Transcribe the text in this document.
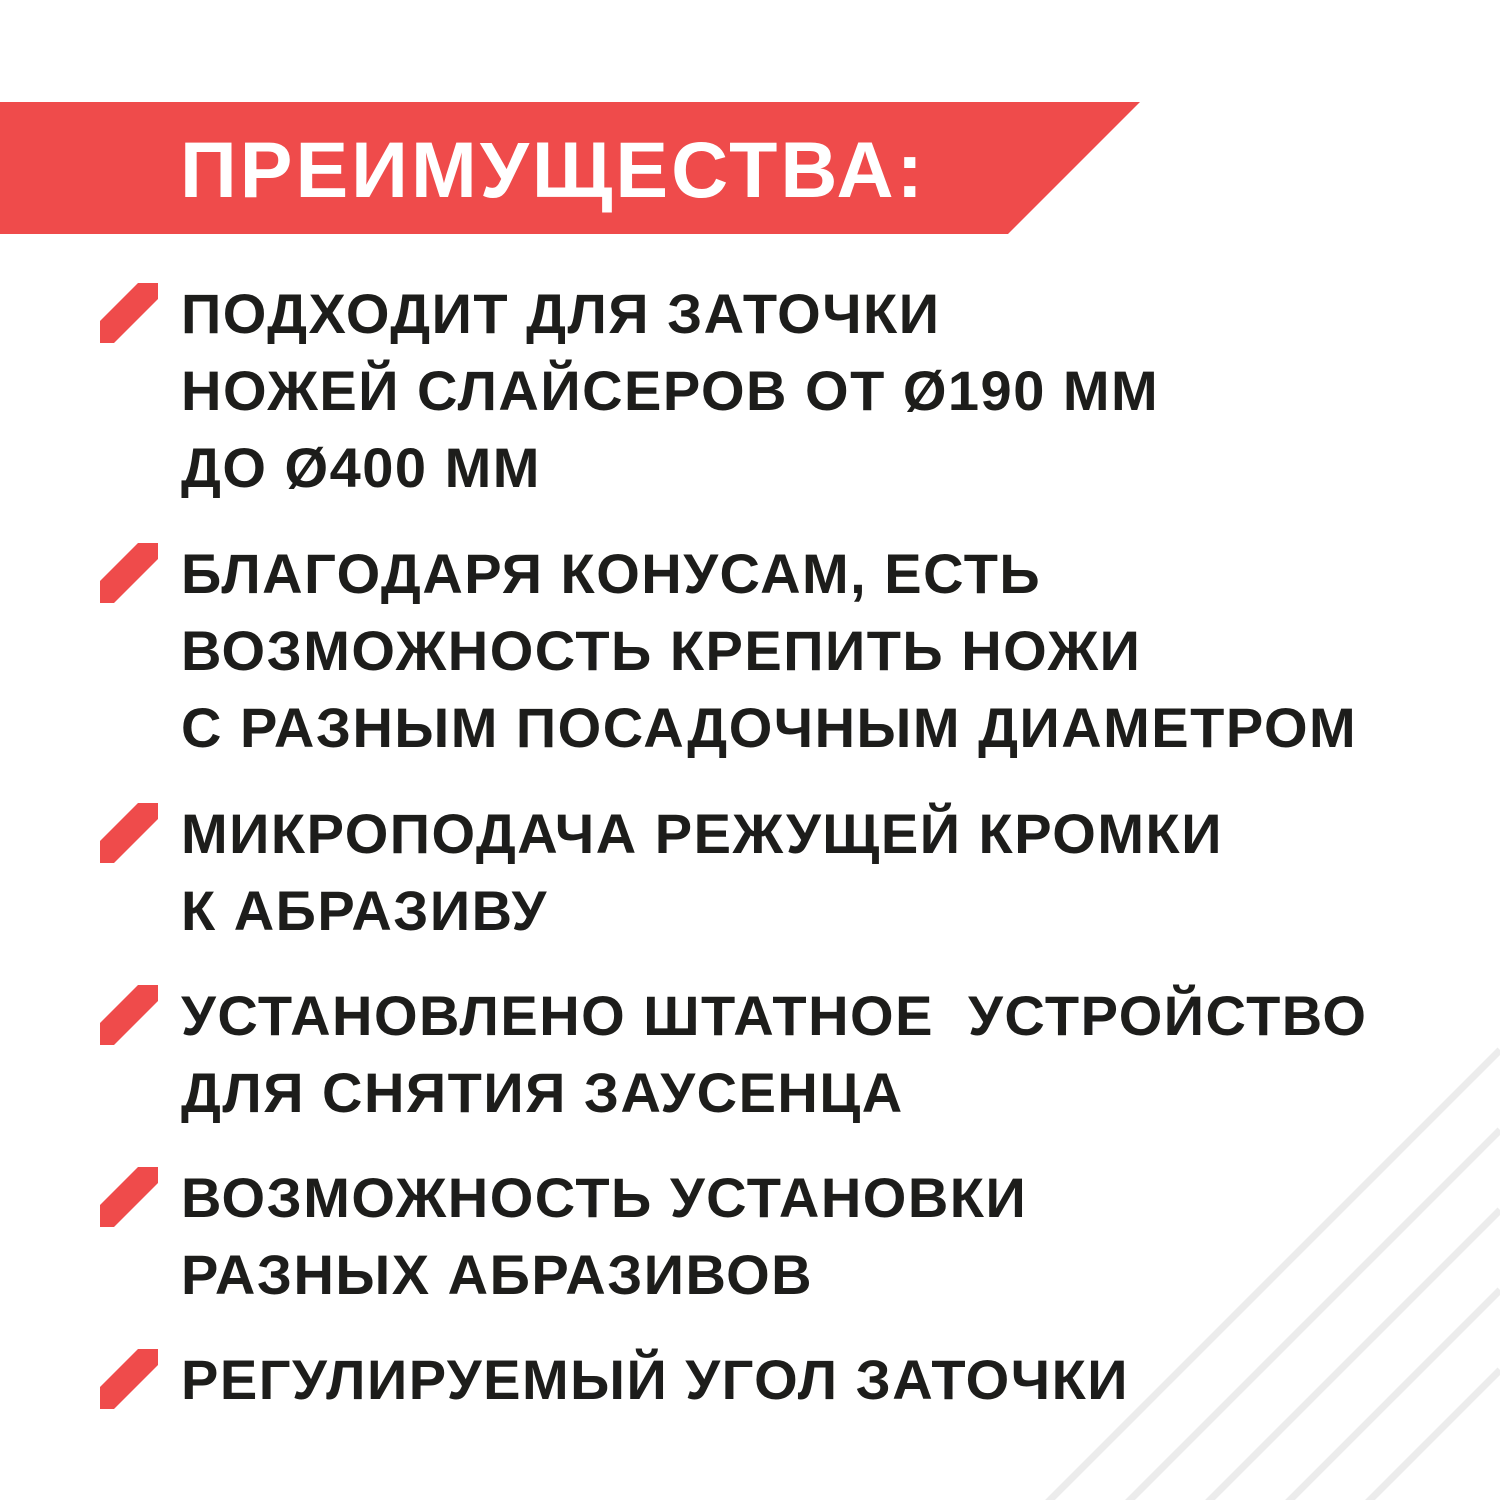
ПРЕИМУЩЕСТВА:

ПОДХОДИТ ДЛЯ ЗАТОЧКИ
НОЖЕЙ СЛАЙСЕРОВ ОТ Ø190 ММ
ДО Ø400 ММ

БЛАГОДАРЯ КОНУСАМ, ЕСТЬ
ВОЗМОЖНОСТЬ КРЕПИТЬ НОЖИ
С РАЗНЫМ ПОСАДОЧНЫМ ДИАМЕТРОМ

МИКРОПОДАЧА РЕЖУЩЕЙ КРОМКИ
К АБРАЗИВУ

УСТАНОВЛЕНО ШТАТНОЕ  УСТРОЙСТВО
ДЛЯ СНЯТИЯ ЗАУСЕНЦА

ВОЗМОЖНОСТЬ УСТАНОВКИ
РАЗНЫХ АБРАЗИВОВ

РЕГУЛИРУЕМЫЙ УГОЛ ЗАТОЧКИ
